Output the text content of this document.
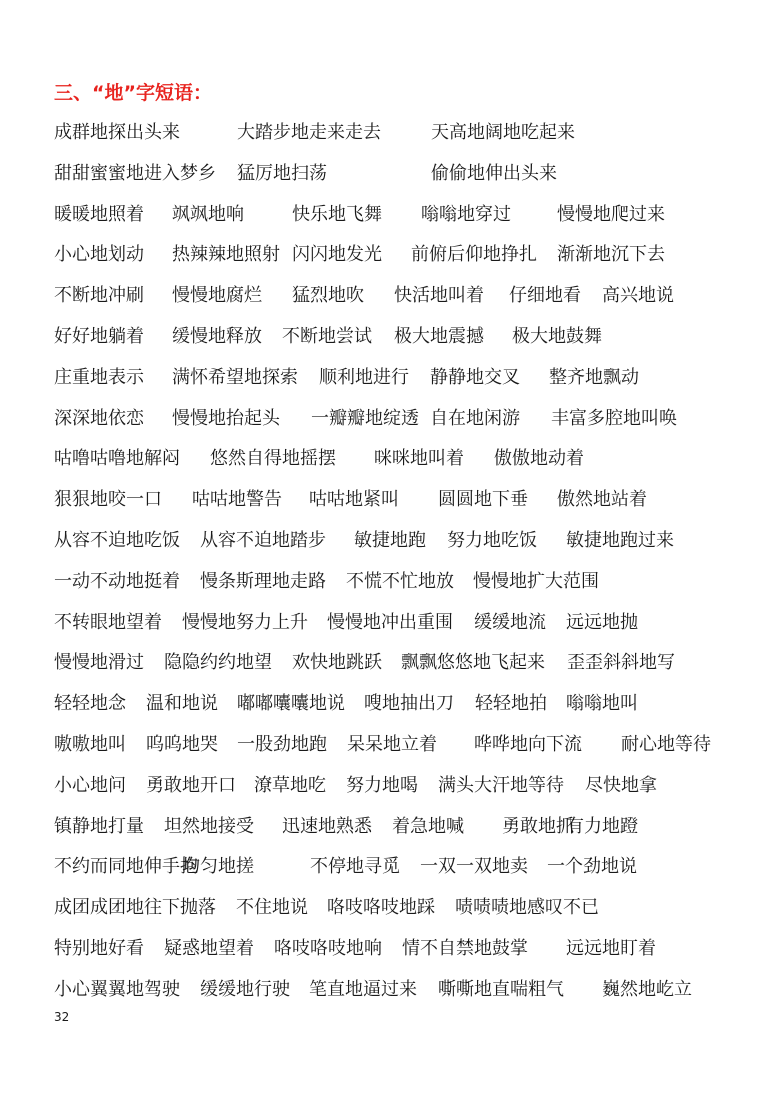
三、“地”字短语：
成群地探出头来	大踏步地走来走去	天高地阔地吃起来
甜甜蜜蜜地进入梦乡 猛厉地扫荡	偷偷地伸出头来
暖暖地照着 飒飒地响	快乐地飞舞 嗡嗡地穿过	慢慢地爬过来
小心地划动 热辣辣地照射 闪闪地发光 前俯后仰地挣扎 渐渐地沉下去
不断地冲刷 慢慢地腐烂 猛烈地吹 快活地叫着 仔细地看 高兴地说
好好地躺着 缓慢地释放 不断地尝试 极大地震撼 极大地鼓舞
庄重地表示 满怀希望地探索 顺利地进行 静静地交叉 整齐地飘动
深深地依恋 慢慢地抬起头 一瓣瓣地绽透 自在地闲游 丰富多腔地叫唤
咕噜咕噜地解闷 悠然自得地摇摆 咪咪地叫着 傲傲地动着
狠狠地咬一口 咕咕地警告 咕咕地紧叫 圆圆地下垂 傲然地站着
从容不迫地吃饭 从容不迫地踏步 敏捷地跑 努力地吃饭 敏捷地跑过来
一动不动地挺着 慢条斯理地走路 不慌不忙地放 慢慢地扩大范围
不转眼地望着 慢慢地努力上升 慢慢地冲出重围 缓缓地流 远远地抛
慢慢地滑过 隐隐约约地望 欢快地跳跃 飘飘悠悠地飞起来 歪歪斜斜地写
轻轻地念 温和地说 嘟嘟囔囔地说 嗖地抽出刀 轻轻地拍 嗡嗡地叫
嗷嗷地叫 呜呜地哭 一股劲地跑 呆呆地立着 哗哗地向下流 耐心地等待
小心地问 勇敢地开口 潦草地吃 努力地喝 满头大汗地等待 尽快地拿
镇静地打量 坦然地接受 迅速地熟悉 着急地喊 勇敢地抓
有力地蹬
不约而同地伸手抱
均匀地搓	不停地寻觅 一双一双地卖 一个劲地说
成团成团地往下抛落 不住地说 咯吱咯吱地踩 啧啧啧地感叹不已
特别地好看 疑惑地望着 咯吱咯吱地响 情不自禁地鼓掌 远远地盯着
小心翼翼地驾驶 缓缓地行驶 笔直地逼过来 嘶嘶地直喘粗气 巍然地屹立
32
